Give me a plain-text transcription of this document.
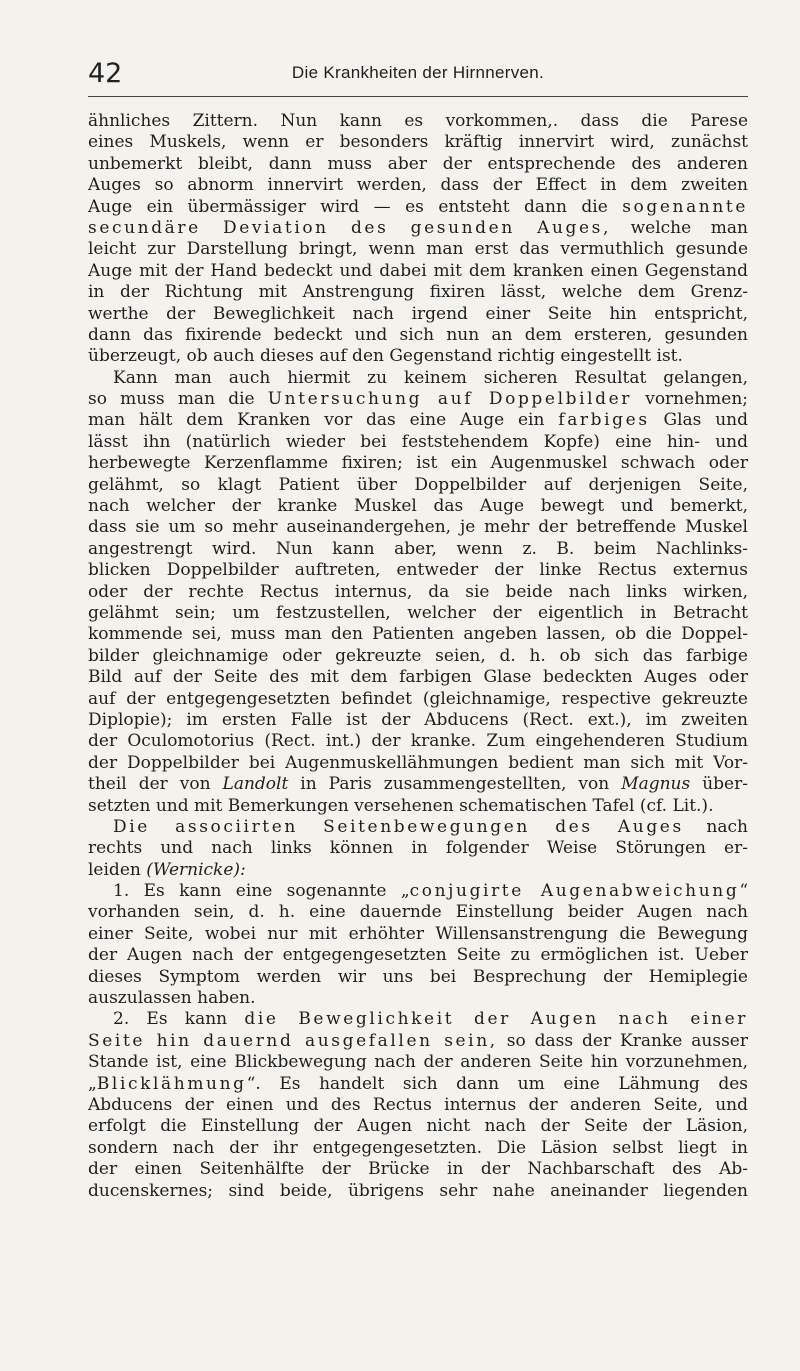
42	Die Krankheiten der Hirnnerven.
ähnliches Zittern. Nun kann es vorkommen,. dass die Parese
eines Muskels, wenn er besonders kräftig innervirt wird, zunächst
unbemerkt bleibt, dann muss aber der entsprechende des anderen
Auges so abnorm innervirt werden, dass der Effect in dem zweiten
Auge ein übermässiger wird — es entsteht dann die sogenannte
secundäre Deviation des gesunden Auges, welche man
leicht zur Darstellung bringt, wenn man erst das vermuthlich gesunde
Auge mit der Hand bedeckt und dabei mit dem kranken einen Gegenstand
in der Richtung mit Anstrengung fixiren lässt, welche dem Grenz-
werthe der Beweglichkeit nach irgend einer Seite hin entspricht,
dann das fixirende bedeckt und sich nun an dem ersteren, gesunden
überzeugt, ob auch dieses auf den Gegenstand richtig eingestellt ist.
Kann man auch hiermit zu keinem sicheren Resultat gelangen,
so muss man die Untersuchung auf Doppelbilder vornehmen;
man hält dem Kranken vor das eine Auge ein farbiges Glas und
lässt ihn (natürlich wieder bei feststehendem Kopfe) eine hin- und
herbewegte Kerzenflamme fixiren; ist ein Augenmuskel schwach oder
gelähmt, so klagt Patient über Doppelbilder auf derjenigen Seite,
nach welcher der kranke Muskel das Auge bewegt und bemerkt,
dass sie um so mehr auseinandergehen, je mehr der betreffende Muskel
angestrengt wird. Nun kann aber, wenn z. B. beim Nachlinks-
blicken Doppelbilder auftreten, entweder der linke Rectus externus
oder der rechte Rectus internus, da sie beide nach links wirken,
gelähmt sein; um festzustellen, welcher der eigentlich in Betracht
kommende sei, muss man den Patienten angeben lassen, ob die Doppel-
bilder gleichnamige oder gekreuzte seien, d. h. ob sich das farbige
Bild auf der Seite des mit dem farbigen Glase bedeckten Auges oder
auf der entgegengesetzten befindet (gleichnamige, respective gekreuzte
Diplopie); im ersten Falle ist der Abducens (Rect. ext.), im zweiten
der Oculomotorius (Rect. int.) der kranke. Zum eingehenderen Studium
der Doppelbilder bei Augenmuskellähmungen bedient man sich mit Vor-
theil der von Landolt in Paris zusammengestellten, von Magnus über-
setzten und mit Bemerkungen versehenen schematischen Tafel (cf. Lit.).
Die associirten Seitenbewegungen des Auges nach
rechts und nach links können in folgender Weise Störungen er-
leiden (Wernicke):
1. Es kann eine sogenannte „conjugirte Augenabweichung“
vorhanden sein, d. h. eine dauernde Einstellung beider Augen nach
einer Seite, wobei nur mit erhöhter Willensanstrengung die Bewegung
der Augen nach der entgegengesetzten Seite zu ermöglichen ist. Ueber
dieses Symptom werden wir uns bei Besprechung der Hemiplegie
auszulassen haben.
2. Es kann die Beweglichkeit der Augen nach einer
Seite hin dauernd ausgefallen sein, so dass der Kranke ausser
Stande ist, eine Blickbewegung nach der anderen Seite hin vorzunehmen,
„Blicklähmung“. Es handelt sich dann um eine Lähmung des
Abducens der einen und des Rectus internus der anderen Seite, und
erfolgt die Einstellung der Augen nicht nach der Seite der Läsion,
sondern nach der ihr entgegengesetzten. Die Läsion selbst liegt in
der einen Seitenhälfte der Brücke in der Nachbarschaft des Ab-
ducenskernes; sind beide, übrigens sehr nahe aneinander liegenden
